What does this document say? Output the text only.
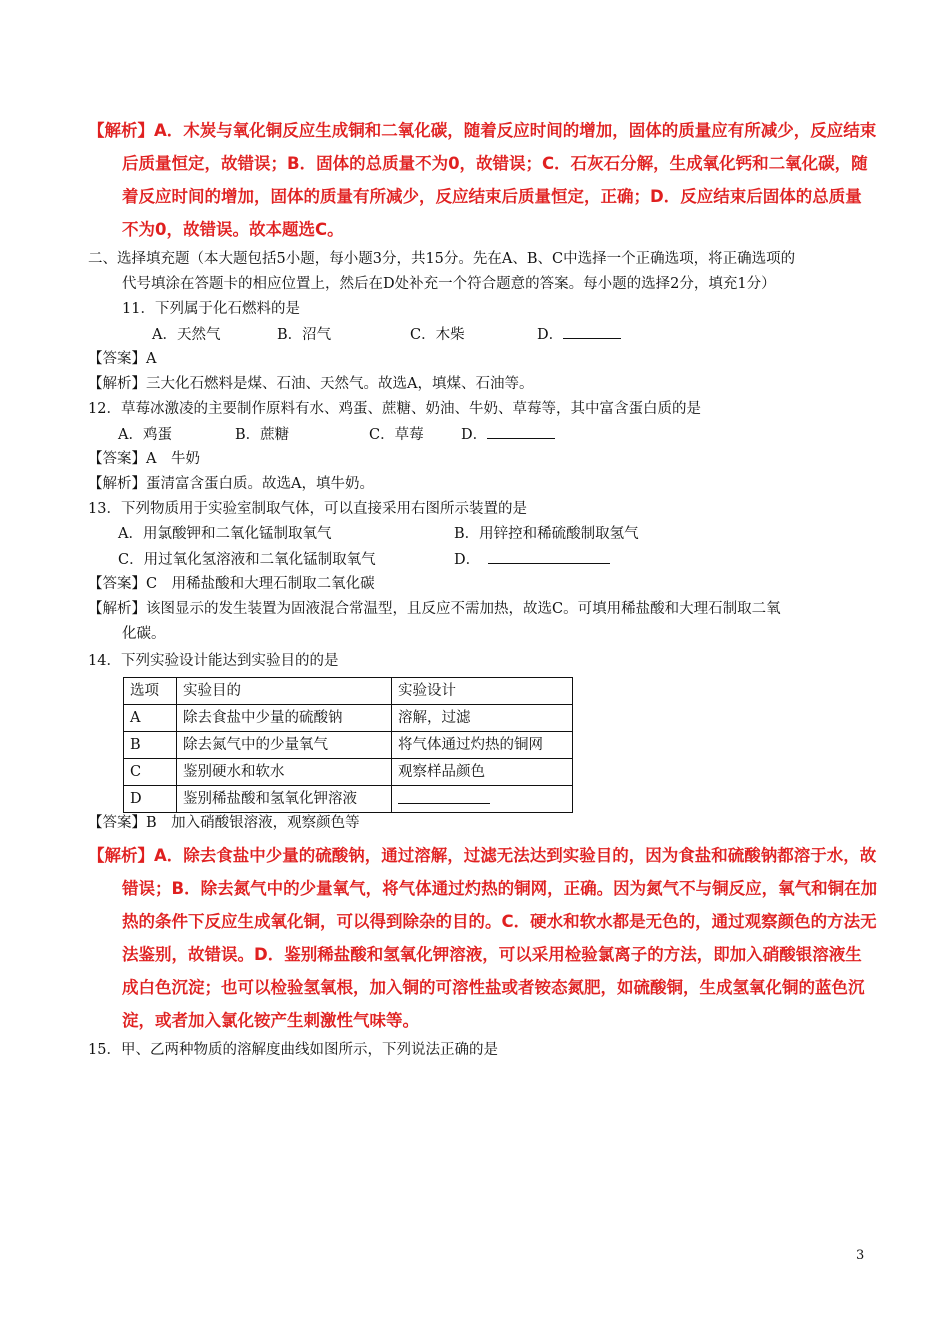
【解析】A．木炭与氧化铜反应生成铜和二氧化碳，随着反应时间的增加，固体的质量应有所减少，反应结束后质量恒定，故错误；B．固体的总质量不为0，故错误；C．石灰石分解，生成氧化钙和二氧化碳，随着反应时间的增加，固体的质量有所减少，反应结束后质量恒定，正确；D．反应结束后固体的总质量不为0，故错误。故本题选C。

二、选择填充题（本大题包括5小题，每小题3分，共15分。先在A、B、C中选择一个正确选项，将正确选项的
代号填涂在答题卡的相应位置上，然后在D处补充一个符合题意的答案。每小题的选择2分，填充1分）
11．下列属于化石燃料的是
A．天然气	B．沼气	C．木柴	D．
【答案】A
【解析】三大化石燃料是煤、石油、天然气。故选A，填煤、石油等。
12．草莓冰激凌的主要制作原料有水、鸡蛋、蔗糖、奶油、牛奶、草莓等，其中富含蛋白质的是
A．鸡蛋	B．蔗糖	C．草莓	D．
【答案】A　牛奶
【解析】蛋清富含蛋白质。故选A，填牛奶。
13．下列物质用于实验室制取气体，可以直接采用右图所示装置的是
A．用氯酸钾和二氧化锰制取氧气	B．用锌控和稀硫酸制取氢气
C．用过氧化氢溶液和二氧化锰制取氧气	D．
【答案】C　用稀盐酸和大理石制取二氧化碳
【解析】该图显示的发生装置为固液混合常温型，且反应不需加热，故选C。可填用稀盐酸和大理石制取二氧
化碳。
14．下列实验设计能达到实验目的的是
选项	实验目的	实验设计
A	除去食盐中少量的硫酸钠	溶解，过滤
B	除去氮气中的少量氧气	将气体通过灼热的铜网
C	鉴别硬水和软水	观察样品颜色
D	鉴别稀盐酸和氢氧化钾溶液	
【答案】B　加入硝酸银溶液，观察颜色等

【解析】A．除去食盐中少量的硫酸钠，通过溶解，过滤无法达到实验目的，因为食盐和硫酸钠都溶于水，故错误；B．除去氮气中的少量氧气，将气体通过灼热的铜网，正确。因为氮气不与铜反应，氧气和铜在加热的条件下反应生成氧化铜，可以得到除杂的目的。C．硬水和软水都是无色的，通过观察颜色的方法无法鉴别，故错误。D．鉴别稀盐酸和氢氧化钾溶液，可以采用检验氯离子的方法，即加入硝酸银溶液生成白色沉淀；也可以检验氢氧根，加入铜的可溶性盐或者铵态氮肥，如硫酸铜，生成氢氧化铜的蓝色沉淀，或者加入氯化铵产生刺激性气味等。

15．甲、乙两种物质的溶解度曲线如图所示，下列说法正确的是
3
